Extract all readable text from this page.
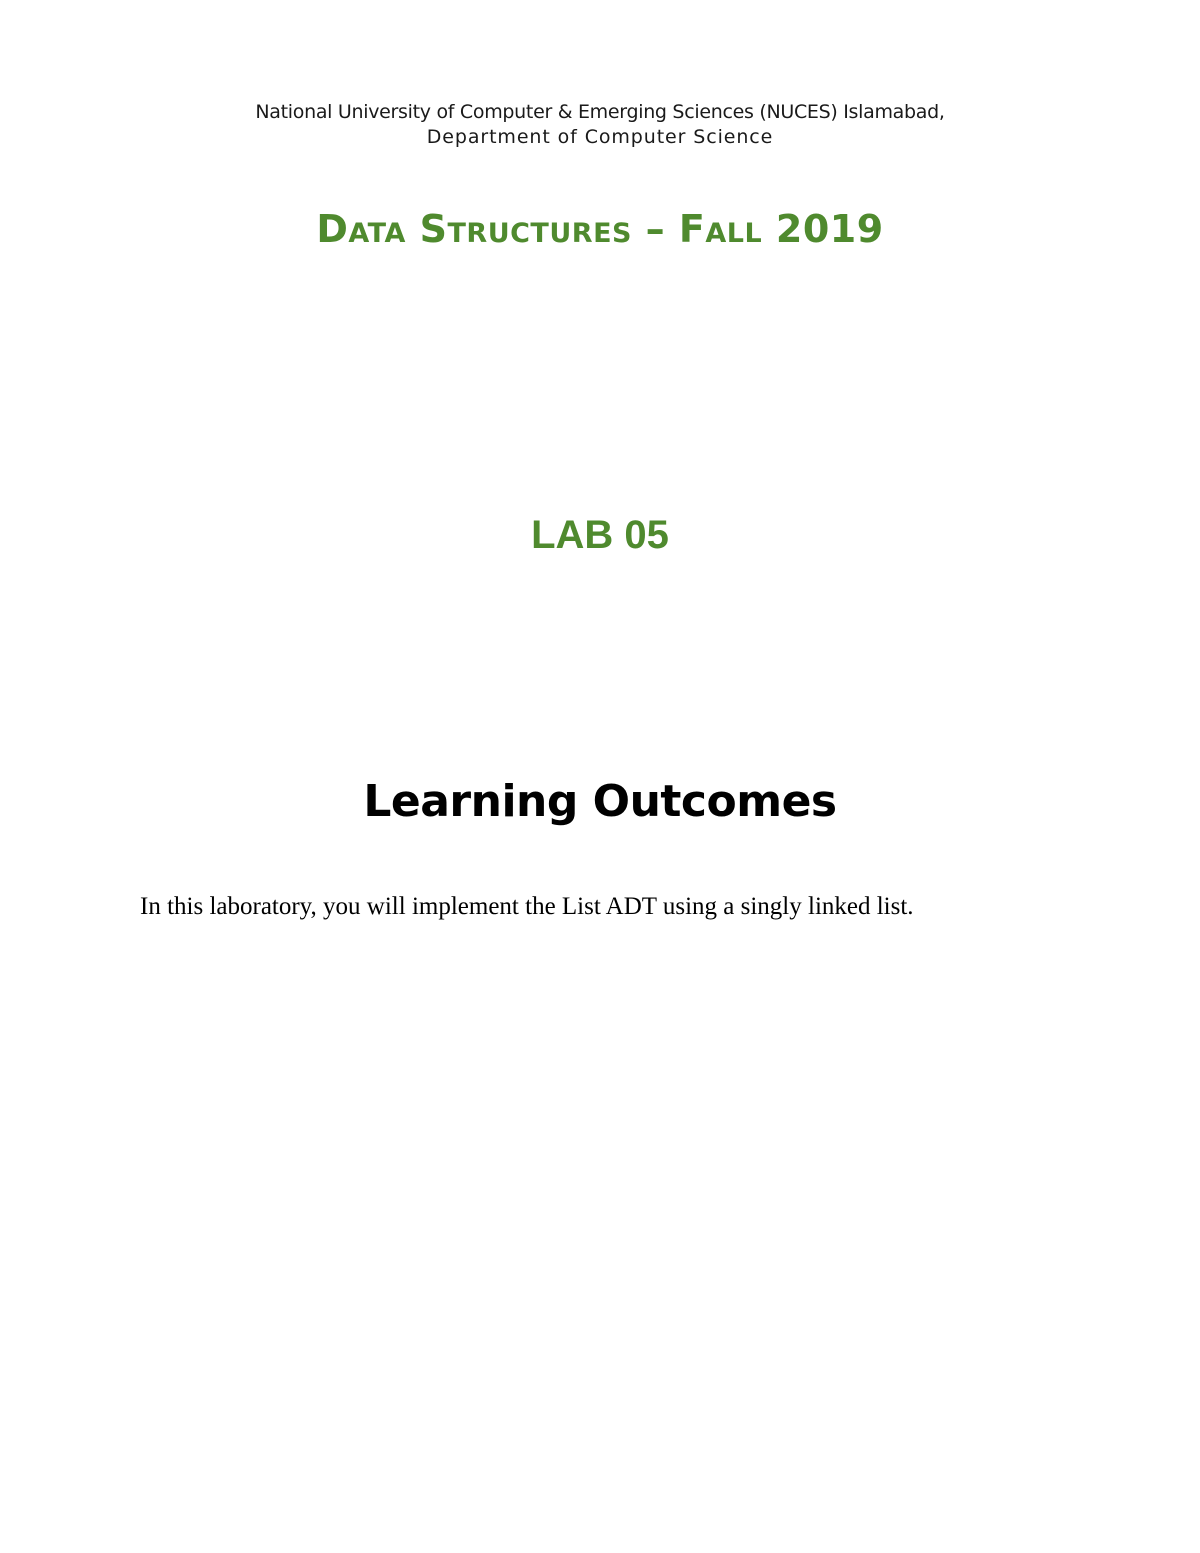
National University of Computer & Emerging Sciences (NUCES) Islamabad,
Department of Computer Science
Data Structures – Fall 2019
LAB 05
Learning Outcomes
In this laboratory, you will implement the List ADT using a singly linked list.
